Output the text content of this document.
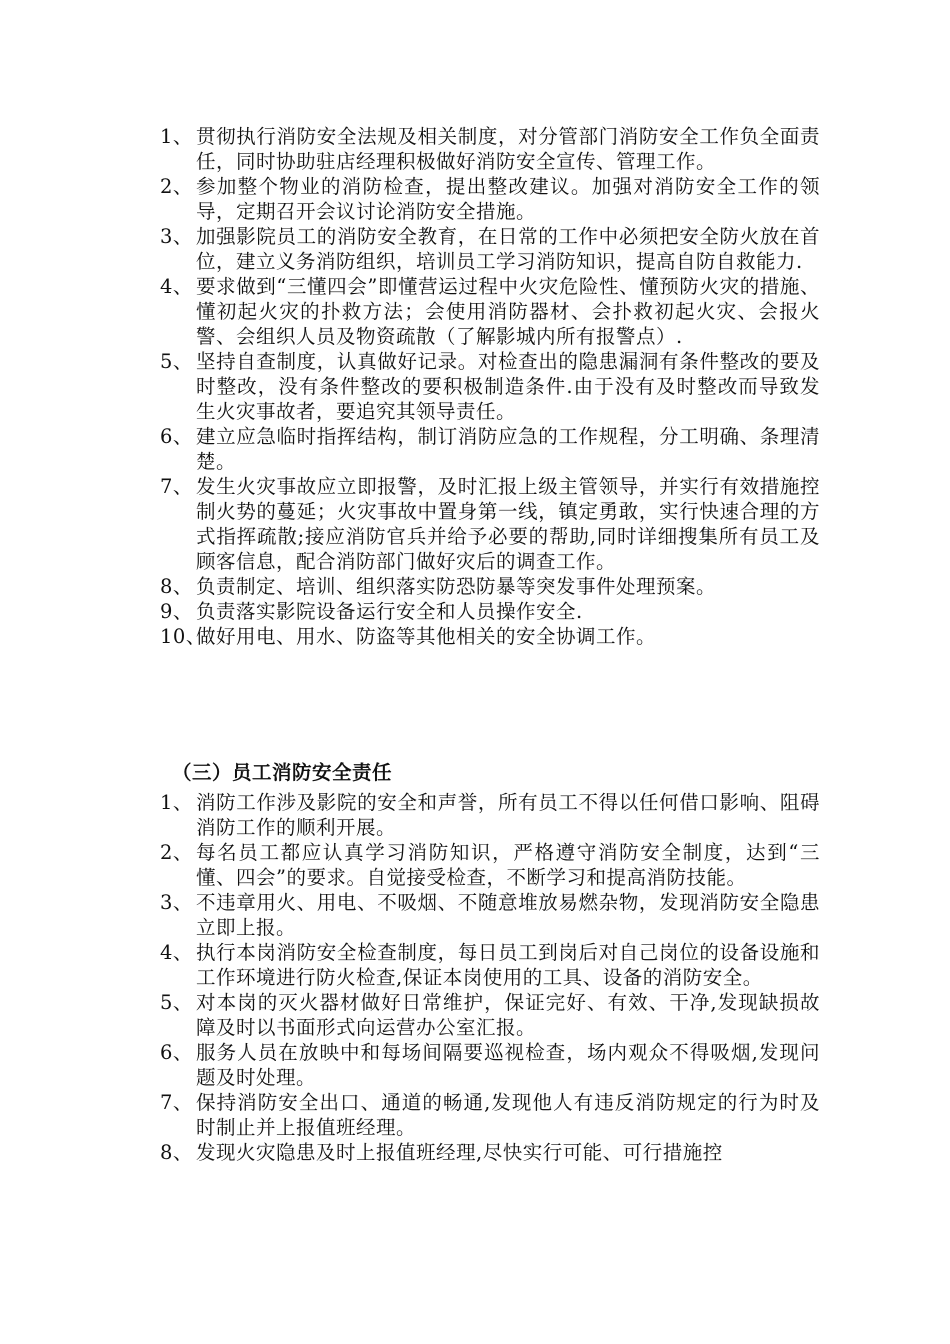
1、 贯彻执行消防安全法规及相关制度，对分管部门消防安全工作负全面责任，同时协助驻店经理积极做好消防安全宣传、管理工作。
2、 参加整个物业的消防检查，提出整改建议。加强对消防安全工作的领导，定期召开会议讨论消防安全措施。
3、 加强影院员工的消防安全教育，在日常的工作中必须把安全防火放在首位，建立义务消防组织，培训员工学习消防知识，提高自防自救能力.
4、 要求做到“三懂四会”即懂营运过程中火灾危险性、懂预防火灾的措施、懂初起火灾的扑救方法；会使用消防器材、会扑救初起火灾、会报火警、会组织人员及物资疏散（了解影城内所有报警点）.
5、 坚持自查制度，认真做好记录。对检查出的隐患漏洞有条件整改的要及时整改，没有条件整改的要积极制造条件.由于没有及时整改而导致发生火灾事故者，要追究其领导责任。
6、 建立应急临时指挥结构，制订消防应急的工作规程，分工明确、条理清楚。
7、 发生火灾事故应立即报警，及时汇报上级主管领导，并实行有效措施控制火势的蔓延；火灾事故中置身第一线，镇定勇敢，实行快速合理的方式指挥疏散;接应消防官兵并给予必要的帮助,同时详细搜集所有员工及顾客信息，配合消防部门做好灾后的调查工作。
8、 负责制定、培训、组织落实防恐防暴等突发事件处理预案。
9、 负责落实影院设备运行安全和人员操作安全.
10、
做好用电、用水、防盗等其他相关的安全协调工作。
（三）员工消防安全责任
1、 消防工作涉及影院的安全和声誉，所有员工不得以任何借口影响、阻碍消防工作的顺利开展。
2、 每名员工都应认真学习消防知识，严格遵守消防安全制度，达到“三懂、四会”的要求。自觉接受检查，不断学习和提高消防技能。
3、 不违章用火、用电、不吸烟、不随意堆放易燃杂物，发现消防安全隐患立即上报。
4、 执行本岗消防安全检查制度，每日员工到岗后对自己岗位的设备设施和工作环境进行防火检查,保证本岗使用的工具、设备的消防安全。
5、 对本岗的灭火器材做好日常维护，保证完好、有效、干净,发现缺损故障及时以书面形式向运营办公室汇报。
6、 服务人员在放映中和每场间隔要巡视检查，场内观众不得吸烟,发现问题及时处理。
7、 保持消防安全出口、通道的畅通,发现他人有违反消防规定的行为时及时制止并上报值班经理。
8、 发现火灾隐患及时上报值班经理,尽快实行可能、可行措施控
